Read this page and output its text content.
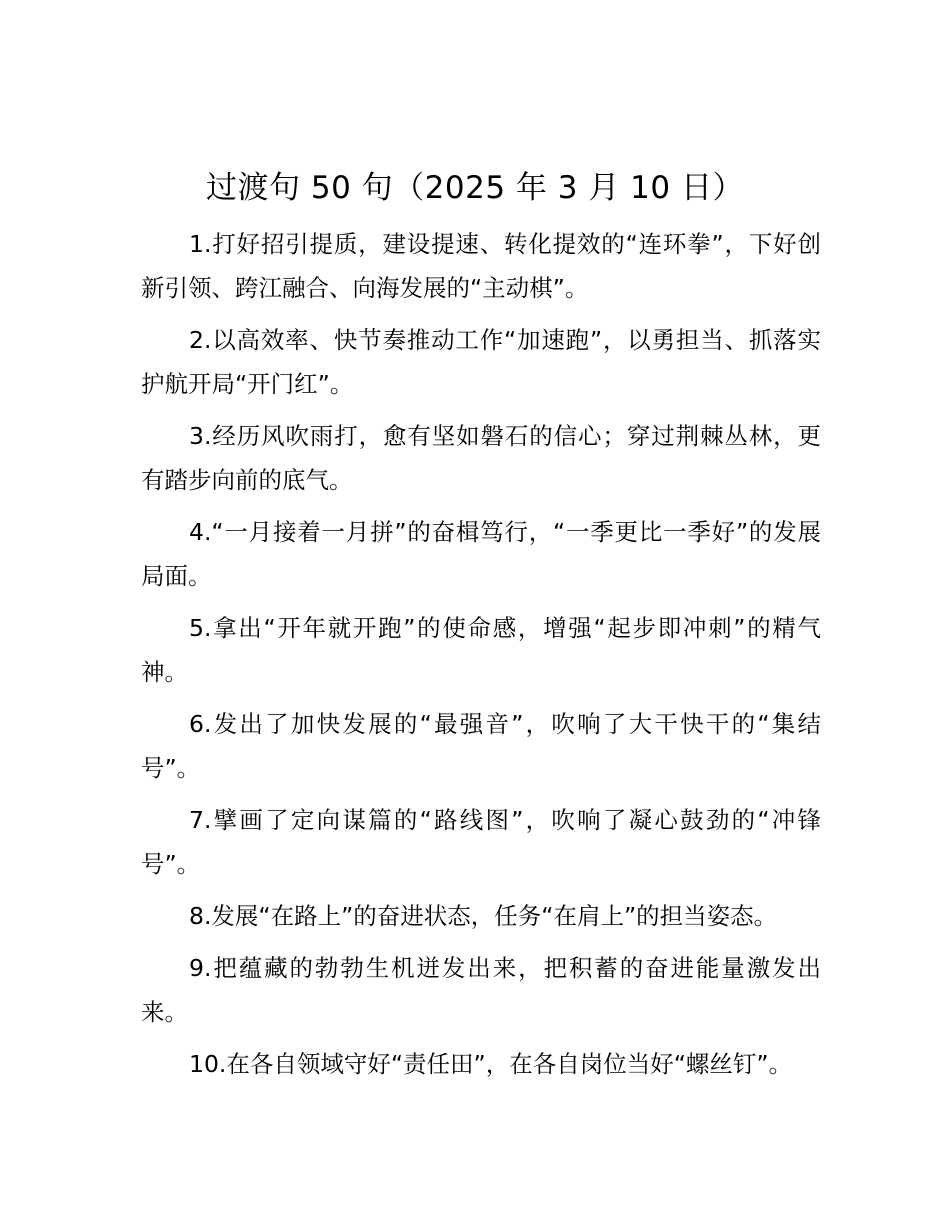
过渡句 50 句（2025 年 3 月 10 日）

1.打好招引提质，建设提速、转化提效的“连环拳”，下好创新引领、跨江融合、向海发展的“主动棋”。

2.以高效率、快节奏推动工作“加速跑”，以勇担当、抓落实护航开局“开门红”。

3.经历风吹雨打，愈有坚如磐石的信心；穿过荆棘丛林，更有踏步向前的底气。

4.“一月接着一月拼”的奋楫笃行，“一季更比一季好”的发展局面。

5.拿出“开年就开跑”的使命感，增强“起步即冲刺”的精气神。

6.发出了加快发展的“最强音”，吹响了大干快干的“集结号”。

7.擘画了定向谋篇的“路线图”，吹响了凝心鼓劲的“冲锋号”。

8.发展“在路上”的奋进状态，任务“在肩上”的担当姿态。

9.把蕴藏的勃勃生机迸发出来，把积蓄的奋进能量激发出来。

10.在各自领域守好“责任田”，在各自岗位当好“螺丝钉”。
